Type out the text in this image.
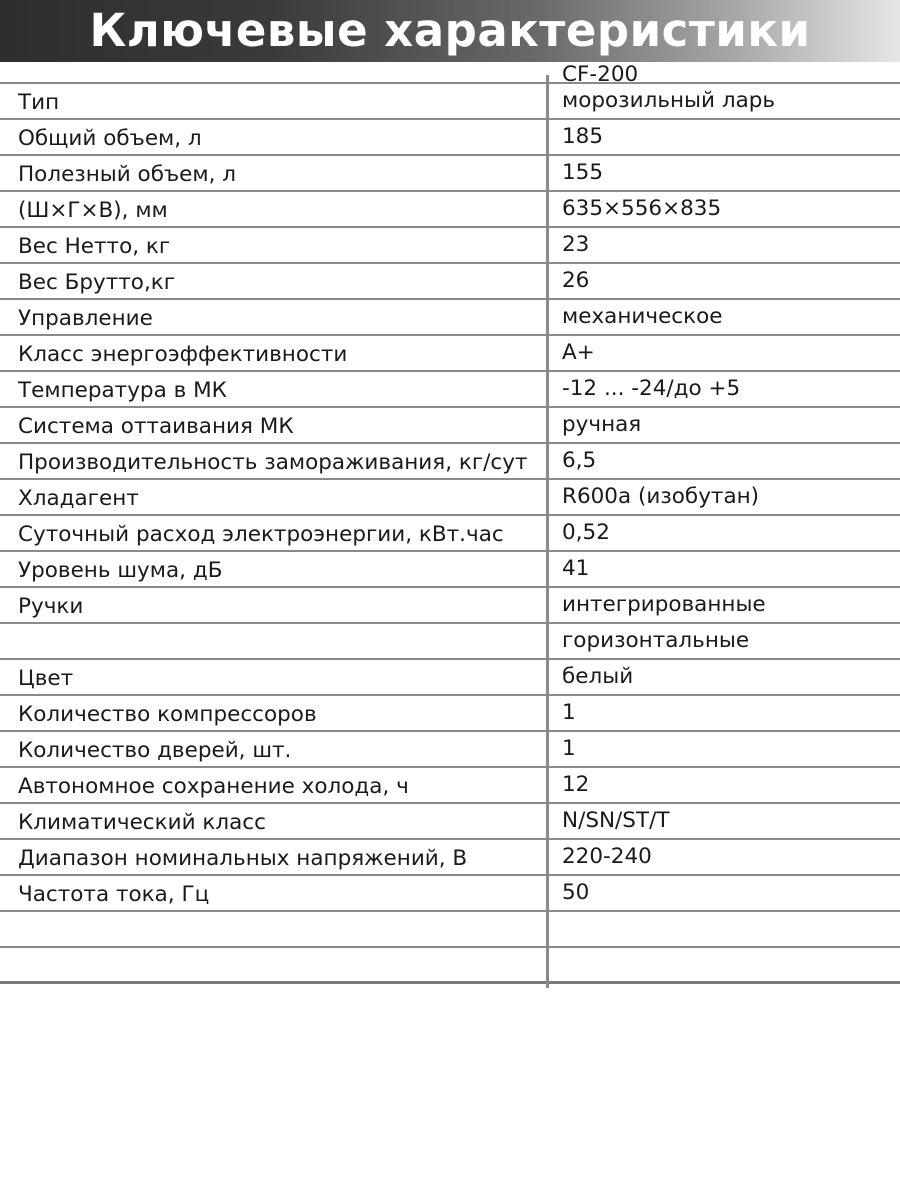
Ключевые характеристики
CF-200
Тип	морозильный ларь
Общий объем, л	185
Полезный объем, л	155
(Ш×Г×В), мм	635×556×835
Вес Нетто, кг	23
Вес Брутто,кг	26
Управление	механическое
Класс энергоэффективности	A+
Температура в МК	-12 ... -24/до +5
Система оттаивания МК	ручная
Производительность замораживания, кг/сут	6,5
Хладагент	R600a (изобутан)
Суточный расход электроэнергии, кВт.час	0,52
Уровень шума, дБ	41
Ручки	интегрированные
горизонтальные
Цвет	белый
Количество компрессоров	1
Количество дверей, шт.	1
Автономное сохранение холода, ч	12
Климатический класс	N/SN/ST/T
Диапазон номинальных напряжений, В	220-240
Частота тока, Гц	50
